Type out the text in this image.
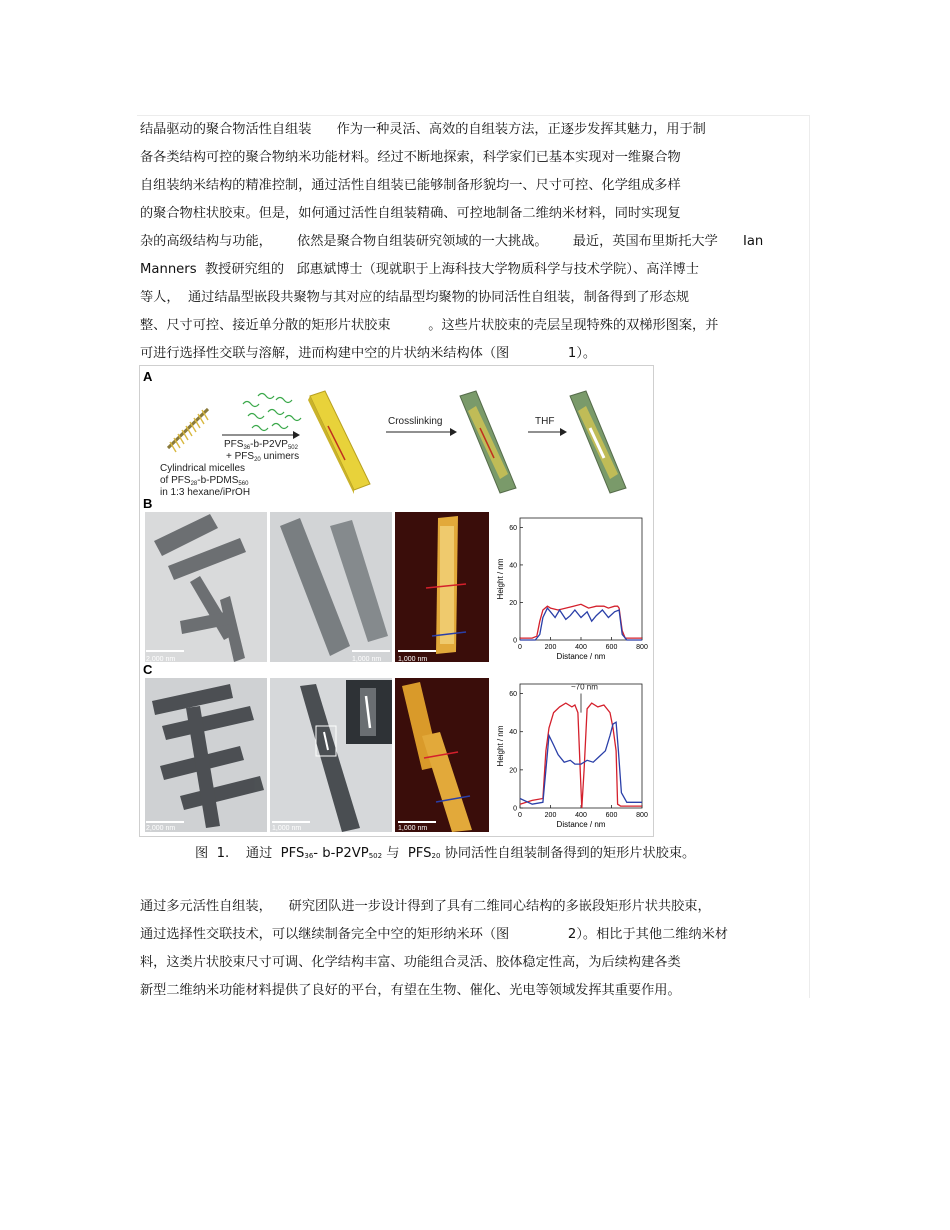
结晶驱动的聚合物活性自组装      作为一种灵活、高效的自组装方法，正逐步发挥其魅力，用于制
备各类结构可控的聚合物纳米功能材料。经过不断地探索，科学家们已基本实现对一维聚合物
自组装纳米结构的精准控制，通过活性自组装已能够制备形貌均一、尺寸可控、化学组成多样
的聚合物柱状胶束。但是，如何通过活性自组装精确、可控地制备二维纳米材料，同时实现复
杂的高级结构与功能，      依然是聚合物自组装研究领域的一大挑战。      最近，英国布里斯托大学      Ian
Manners  教授研究组的   邱惠斌博士（现就职于上海科技大学物质科学与技术学院）、高洋博士
等人，  通过结晶型嵌段共聚物与其对应的结晶型均聚物的协同活性自组装，制备得到了形态规
整、尺寸可控、接近单分散的矩形片状胶束         。这些片状胶束的壳层呈现特殊的双梯形图案，并
可进行选择性交联与溶解，进而构建中空的片状纳米结构体（图              1）。
A
Cylindrical micelles
of $PFS_{28}-b-PDMS_{560}$
in 1:3 hexane/iPrOH
$PFS_{36}-b-P2VP_{502}$
+ $PFS_{20}$ unimers
Crosslinking	THF
B
2,000 nm	1,000 nm 1,000 nm
0	200	400	600	800
0
20
40
60
Distance / nm
Height / nm
C
2,000 nm	1,000 nm	1,000 nm
0	200	400	600	800
0
20
40
60
Distance / nm
Height / nm
~70 nm
图  1.    通过  $PFS_{36}-$ $b-P2VP_{502}$ 与  $PFS_{20}$ 协同活性自组装制备得到的矩形片状胶束。
通过多元活性自组装，    研究团队进一步设计得到了具有二维同心结构的多嵌段矩形片状共胶束，
通过选择性交联技术，可以继续制备完全中空的矩形纳米环（图              2）。相比于其他二维纳米材
料，这类片状胶束尺寸可调、化学结构丰富、功能组合灵活、胶体稳定性高，为后续构建各类
新型二维纳米功能材料提供了良好的平台，有望在生物、催化、光电等领域发挥其重要作用。
